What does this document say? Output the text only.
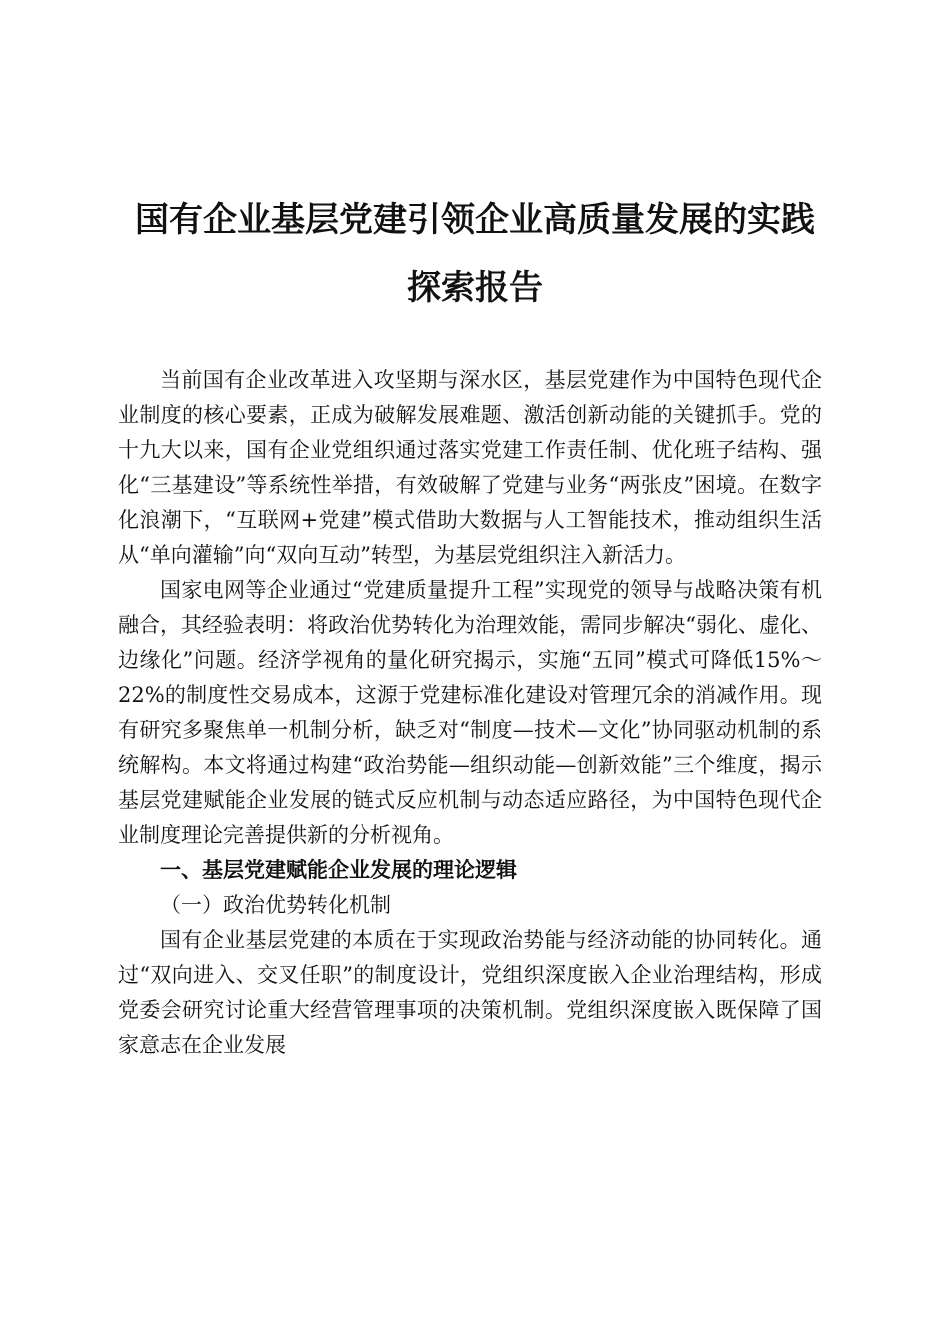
国有企业基层党建引领企业高质量发展的实践
探索报告

当前国有企业改革进入攻坚期与深水区，基层党建作为中国特色现代企业制度的核心要素，正成为破解发展难题、激活创新动能的关键抓手。党的十九大以来，国有企业党组织通过落实党建工作责任制、优化班子结构、强化“三基建设”等系统性举措，有效破解了党建与业务“两张皮”困境。在数字化浪潮下，“互联网+党建”模式借助大数据与人工智能技术，推动组织生活从“单向灌输”向“双向互动”转型，为基层党组织注入新活力。

国家电网等企业通过“党建质量提升工程”实现党的领导与战略决策有机融合，其经验表明：将政治优势转化为治理效能，需同步解决“弱化、虚化、边缘化”问题。经济学视角的量化研究揭示，实施“五同”模式可降低15%～22%的制度性交易成本，这源于党建标准化建设对管理冗余的消减作用。现有研究多聚焦单一机制分析，缺乏对“制度—技术—文化”协同驱动机制的系统解构。本文将通过构建“政治势能—组织动能—创新效能”三个维度，揭示基层党建赋能企业发展的链式反应机制与动态适应路径，为中国特色现代企业制度理论完善提供新的分析视角。

一、基层党建赋能企业发展的理论逻辑

（一）政治优势转化机制

国有企业基层党建的本质在于实现政治势能与经济动能的协同转化。通过“双向进入、交叉任职”的制度设计，党组织深度嵌入企业治理结构，形成党委会研究讨论重大经营管理事项的决策机制。党组织深度嵌入既保障了国家意志在企业发展
